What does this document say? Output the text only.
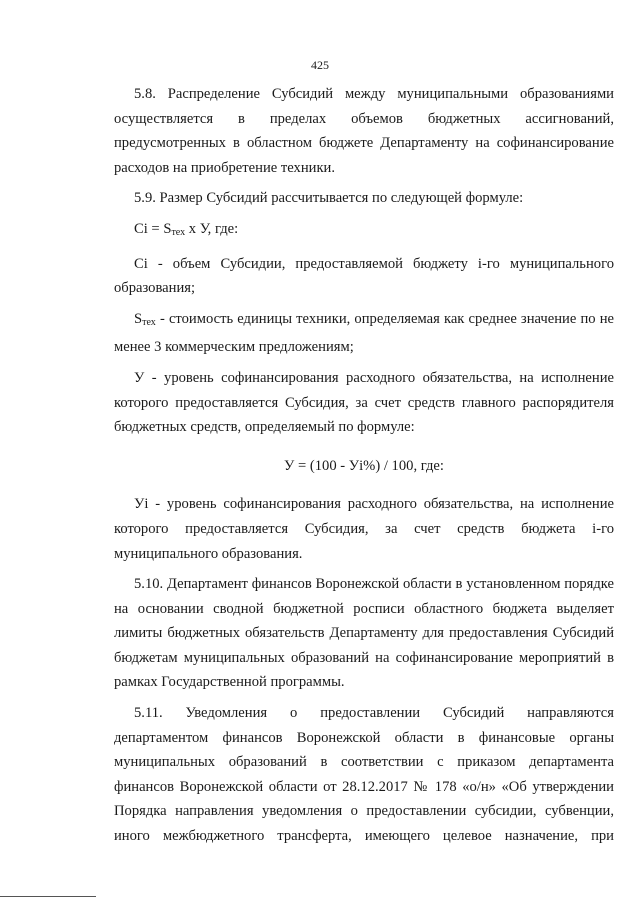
425

5.8. Распределение Субсидий между муниципальными образованиями осуществляется в пределах объемов бюджетных ассигнований, предусмотренных в областном бюджете Департаменту на софинансирование расходов на приобретение техники.

5.9. Размер Субсидий рассчитывается по следующей формуле:

$Ci = S_{тех}$ х У, где:

Ci - объем Субсидии, предоставляемой бюджету i-го муниципального образования;

$S_{тех}$ - стоимость единицы техники, определяемая как среднее значение по не менее 3 коммерческим предложениям;

У - уровень софинансирования расходного обязательства, на исполнение которого предоставляется Субсидия, за счет средств главного распорядителя бюджетных средств, определяемый по формуле:

У = (100 - Уi%) / 100, где:

Уi - уровень софинансирования расходного обязательства, на исполнение которого предоставляется Субсидия, за счет средств бюджета i-го муниципального образования.

5.10. Департамент финансов Воронежской области в установленном порядке на основании сводной бюджетной росписи областного бюджета выделяет лимиты бюджетных обязательств Департаменту для предоставления Субсидий бюджетам муниципальных образований на софинансирование мероприятий в рамках Государственной программы.

5.11. Уведомления о предоставлении Субсидий направляются департаментом финансов Воронежской области в финансовые органы муниципальных образований в соответствии с приказом департамента финансов Воронежской области от 28.12.2017 № 178 «о/н» «Об утверждении Порядка направления уведомления о предоставлении субсидии, субвенции, иного межбюджетного трансферта, имеющего целевое назначение, при
